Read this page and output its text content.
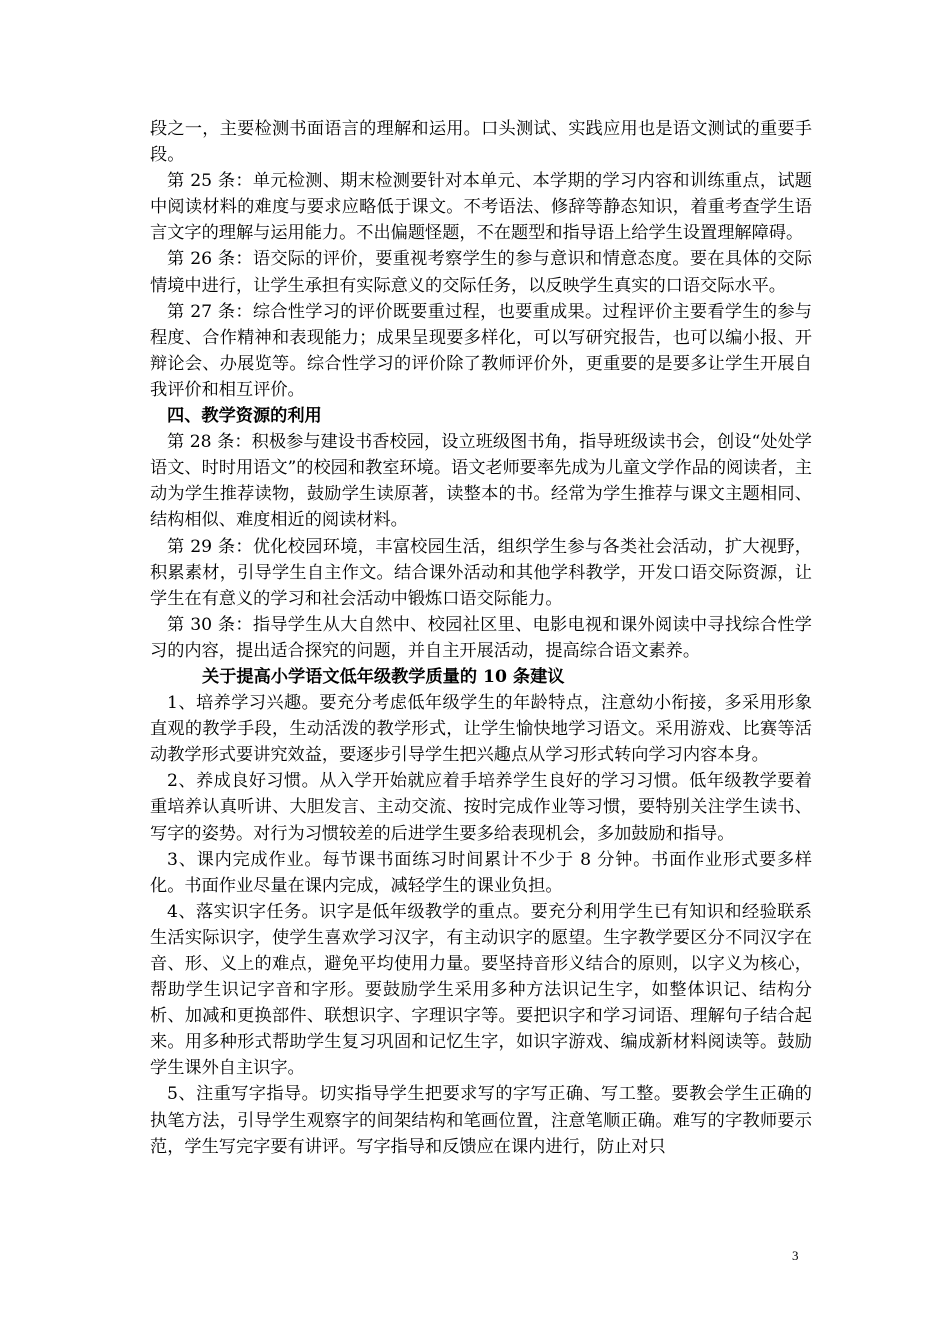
段之一，主要检测书面语言的理解和运用。口头测试、实践应用也是语文测试的重要手段。

第 25 条：单元检测、期末检测要针对本单元、本学期的学习内容和训练重点，试题中阅读材料的难度与要求应略低于课文。不考语法、修辞等静态知识，着重考查学生语言文字的理解与运用能力。不出偏题怪题，不在题型和指导语上给学生设置理解障碍。

第 26 条：语交际的评价，要重视考察学生的参与意识和情意态度。要在具体的交际情境中进行，让学生承担有实际意义的交际任务，以反映学生真实的口语交际水平。

第 27 条：综合性学习的评价既要重过程，也要重成果。过程评价主要看学生的参与程度、合作精神和表现能力；成果呈现要多样化，可以写研究报告，也可以编小报、开辩论会、办展览等。综合性学习的评价除了教师评价外，更重要的是要多让学生开展自我评价和相互评价。

四、教学资源的利用

第 28 条：积极参与建设书香校园，设立班级图书角，指导班级读书会，创设“处处学语文、时时用语文”的校园和教室环境。语文老师要率先成为儿童文学作品的阅读者，主动为学生推荐读物，鼓励学生读原著，读整本的书。经常为学生推荐与课文主题相同、结构相似、难度相近的阅读材料。

第 29 条：优化校园环境，丰富校园生活，组织学生参与各类社会活动，扩大视野，积累素材，引导学生自主作文。结合课外活动和其他学科教学，开发口语交际资源，让学生在有意义的学习和社会活动中锻炼口语交际能力。

第 30 条：指导学生从大自然中、校园社区里、电影电视和课外阅读中寻找综合性学习的内容，提出适合探究的问题，并自主开展活动，提高综合语文素养。

关于提高小学语文低年级教学质量的 10 条建议

1、培养学习兴趣。要充分考虑低年级学生的年龄特点，注意幼小衔接，多采用形象直观的教学手段，生动活泼的教学形式，让学生愉快地学习语文。采用游戏、比赛等活动教学形式要讲究效益，要逐步引导学生把兴趣点从学习形式转向学习内容本身。

2、养成良好习惯。从入学开始就应着手培养学生良好的学习习惯。低年级教学要着重培养认真听讲、大胆发言、主动交流、按时完成作业等习惯，要特别关注学生读书、写字的姿势。对行为习惯较差的后进学生要多给表现机会，多加鼓励和指导。

3、课内完成作业。每节课书面练习时间累计不少于 8 分钟。书面作业形式要多样化。书面作业尽量在课内完成，减轻学生的课业负担。

4、落实识字任务。识字是低年级教学的重点。要充分利用学生已有知识和经验联系生活实际识字，使学生喜欢学习汉字，有主动识字的愿望。生字教学要区分不同汉字在音、形、义上的难点，避免平均使用力量。要坚持音形义结合的原则，以字义为核心，帮助学生识记字音和字形。要鼓励学生采用多种方法识记生字，如整体识记、结构分析、加减和更换部件、联想识字、字理识字等。要把识字和学习词语、理解句子结合起来。用多种形式帮助学生复习巩固和记忆生字，如识字游戏、编成新材料阅读等。鼓励学生课外自主识字。

5、注重写字指导。切实指导学生把要求写的字写正确、写工整。要教会学生正确的执笔方法，引导学生观察字的间架结构和笔画位置，注意笔顺正确。难写的字教师要示范，学生写完字要有讲评。写字指导和反馈应在课内进行，防止对只

3
